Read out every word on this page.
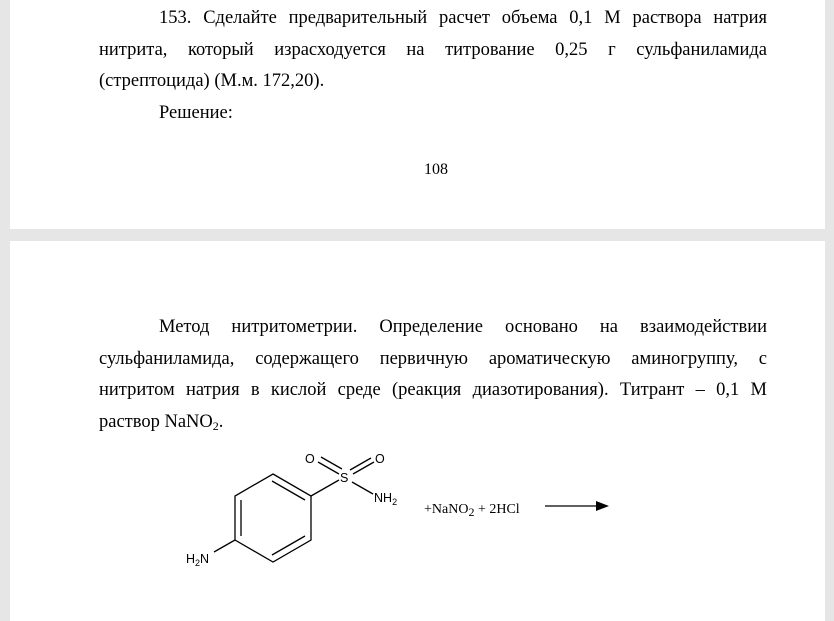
153. Сделайте предварительный расчет объема 0,1 М раствора натрия
нитрита, который израсходуется на титрование 0,25 г сульфаниламида
(стрептоцида) (М.м. 172,20).
Решение:
108
Метод нитритометрии. Определение основано на взаимодействии
сульфаниламида, содержащего первичную ароматическую аминогруппу, с
нитритом натрия в кислой среде (реакция диазотирования). Титрант – 0,1 М
раствор NaNO$_2$.
O	O
S
$NH_2$
$H_2N$
+NaNO$_2$ + 2HCl
